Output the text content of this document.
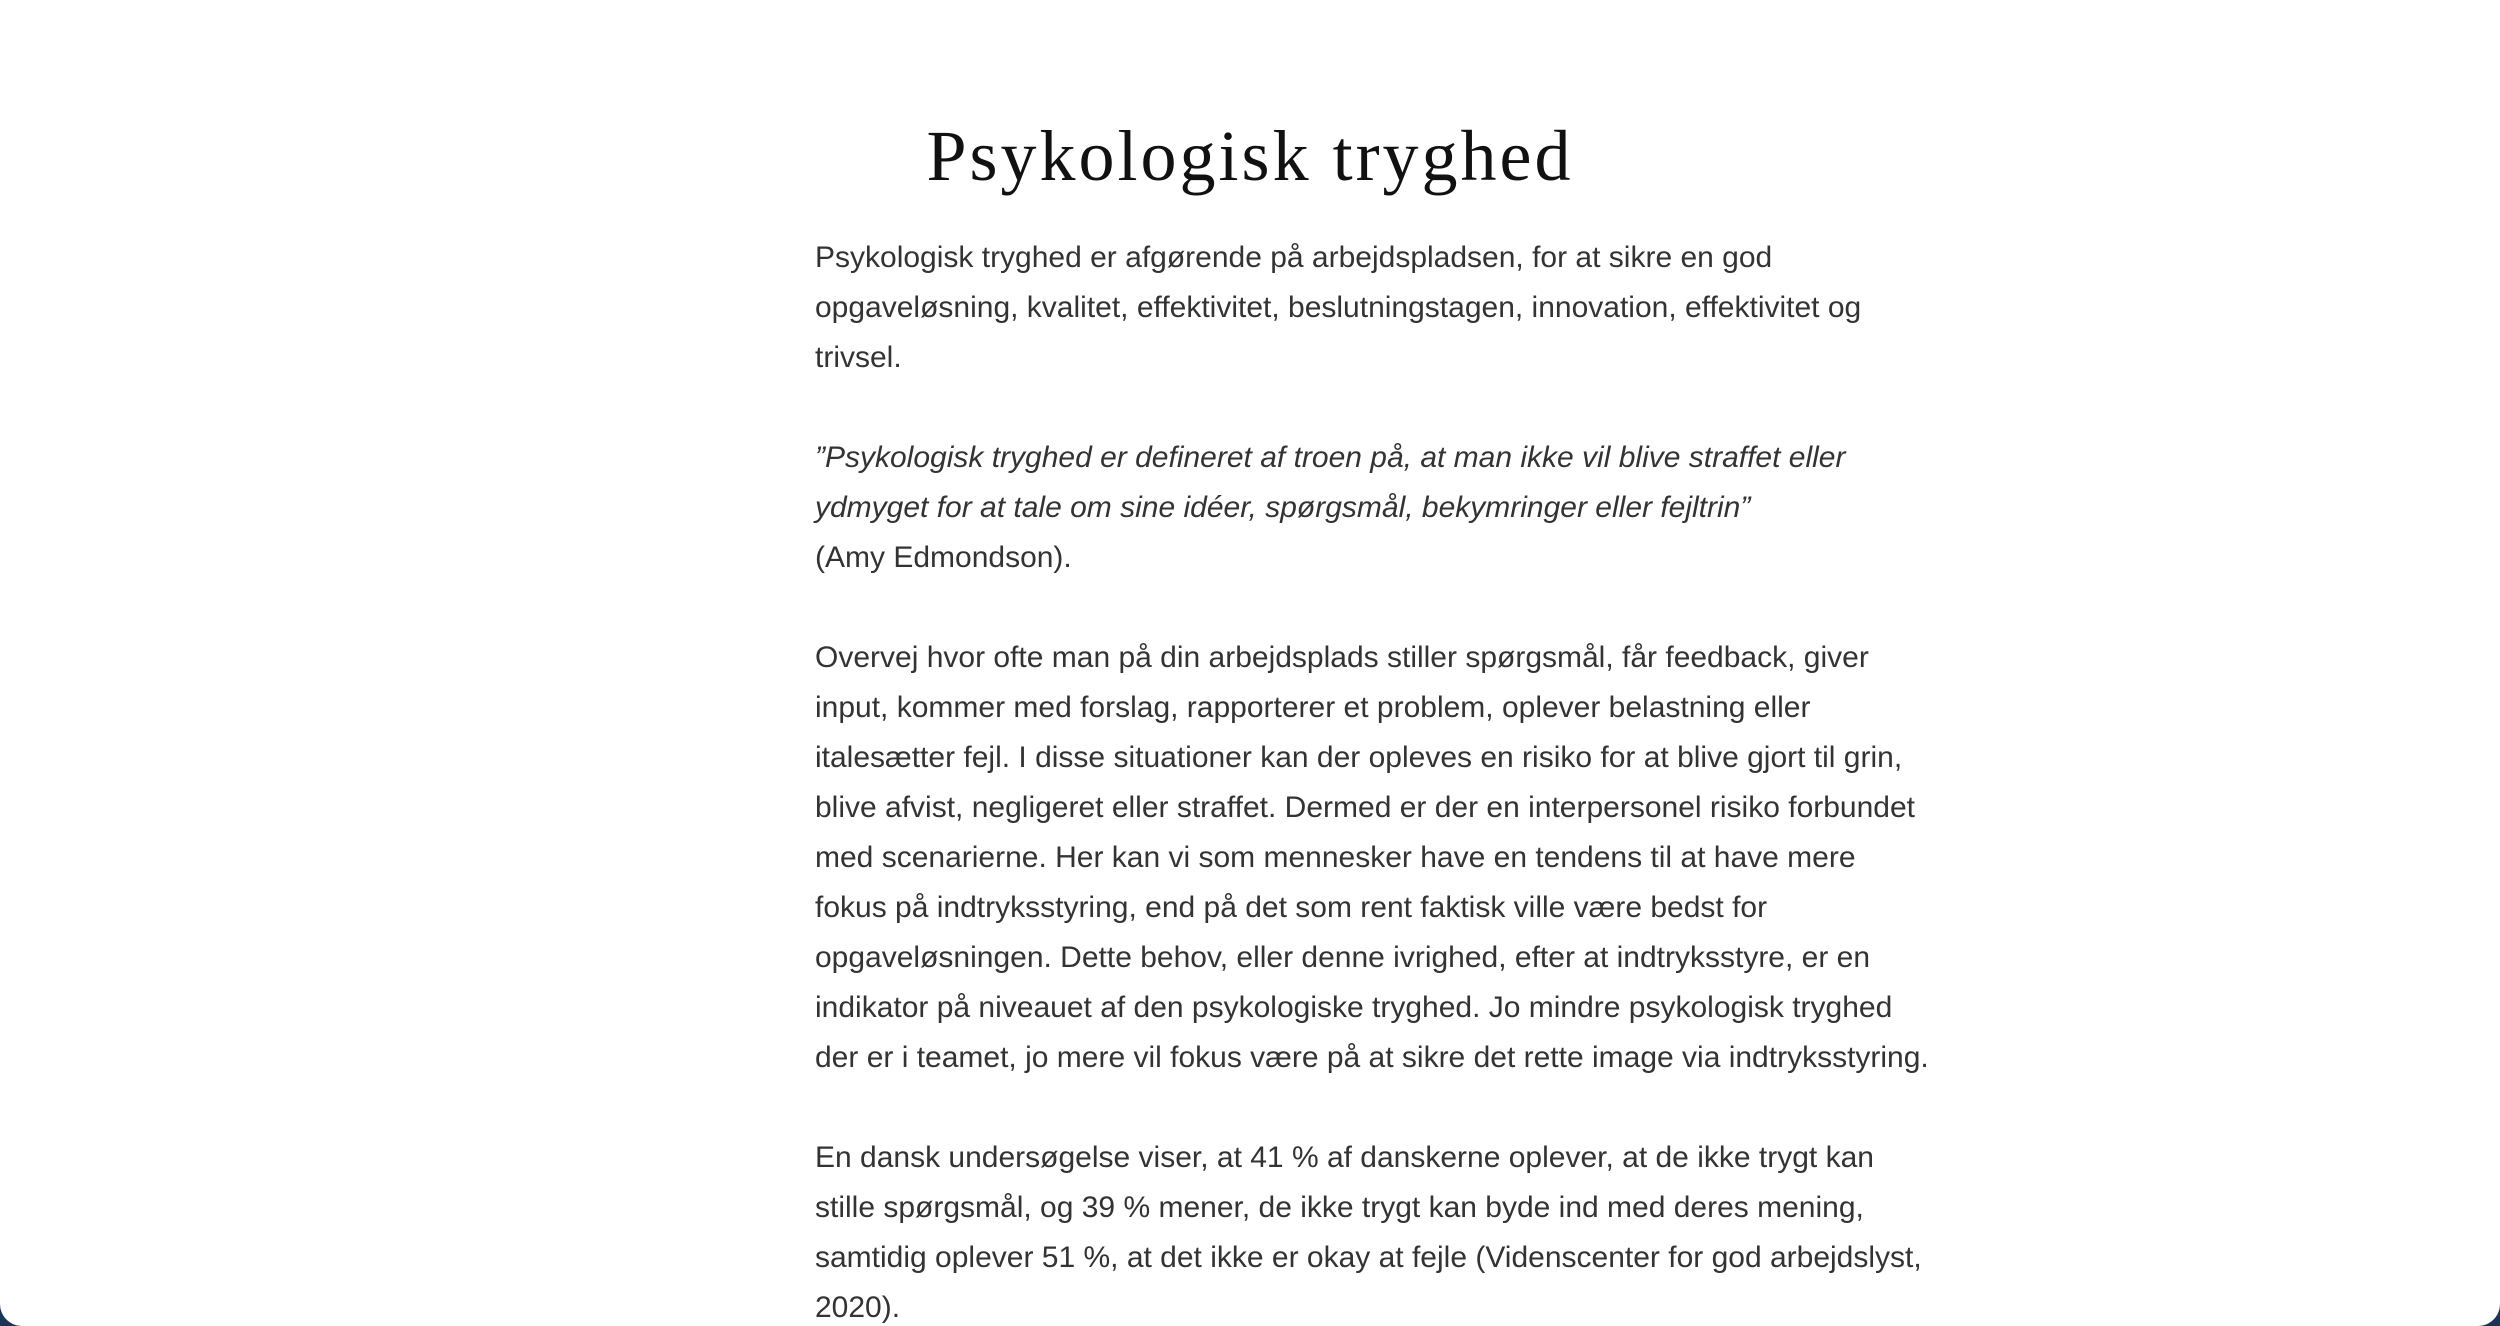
Psykologisk tryghed

Psykologisk tryghed er afgørende på arbejdspladsen, for at sikre en god
opgaveløsning, kvalitet, effektivitet, beslutningstagen, innovation, effektivitet og
trivsel.

”Psykologisk tryghed er defineret af troen på, at man ikke vil blive straffet eller
ydmyget for at tale om sine idéer, spørgsmål, bekymringer eller fejltrin”
(Amy Edmondson).

Overvej hvor ofte man på din arbejdsplads stiller spørgsmål, får feedback, giver
input, kommer med forslag, rapporterer et problem, oplever belastning eller
italesætter fejl. I disse situationer kan der opleves en risiko for at blive gjort til grin,
blive afvist, negligeret eller straffet. Dermed er der en interpersonel risiko forbundet
med scenarierne. Her kan vi som mennesker have en tendens til at have mere
fokus på indtryksstyring, end på det som rent faktisk ville være bedst for
opgaveløsningen. Dette behov, eller denne ivrighed, efter at indtryksstyre, er en
indikator på niveauet af den psykologiske tryghed. Jo mindre psykologisk tryghed
der er i teamet, jo mere vil fokus være på at sikre det rette image via indtryksstyring.

En dansk undersøgelse viser, at 41 % af danskerne oplever, at de ikke trygt kan
stille spørgsmål, og 39 % mener, de ikke trygt kan byde ind med deres mening,
samtidig oplever 51 %, at det ikke er okay at fejle (Videnscenter for god arbejdslyst,
2020).
